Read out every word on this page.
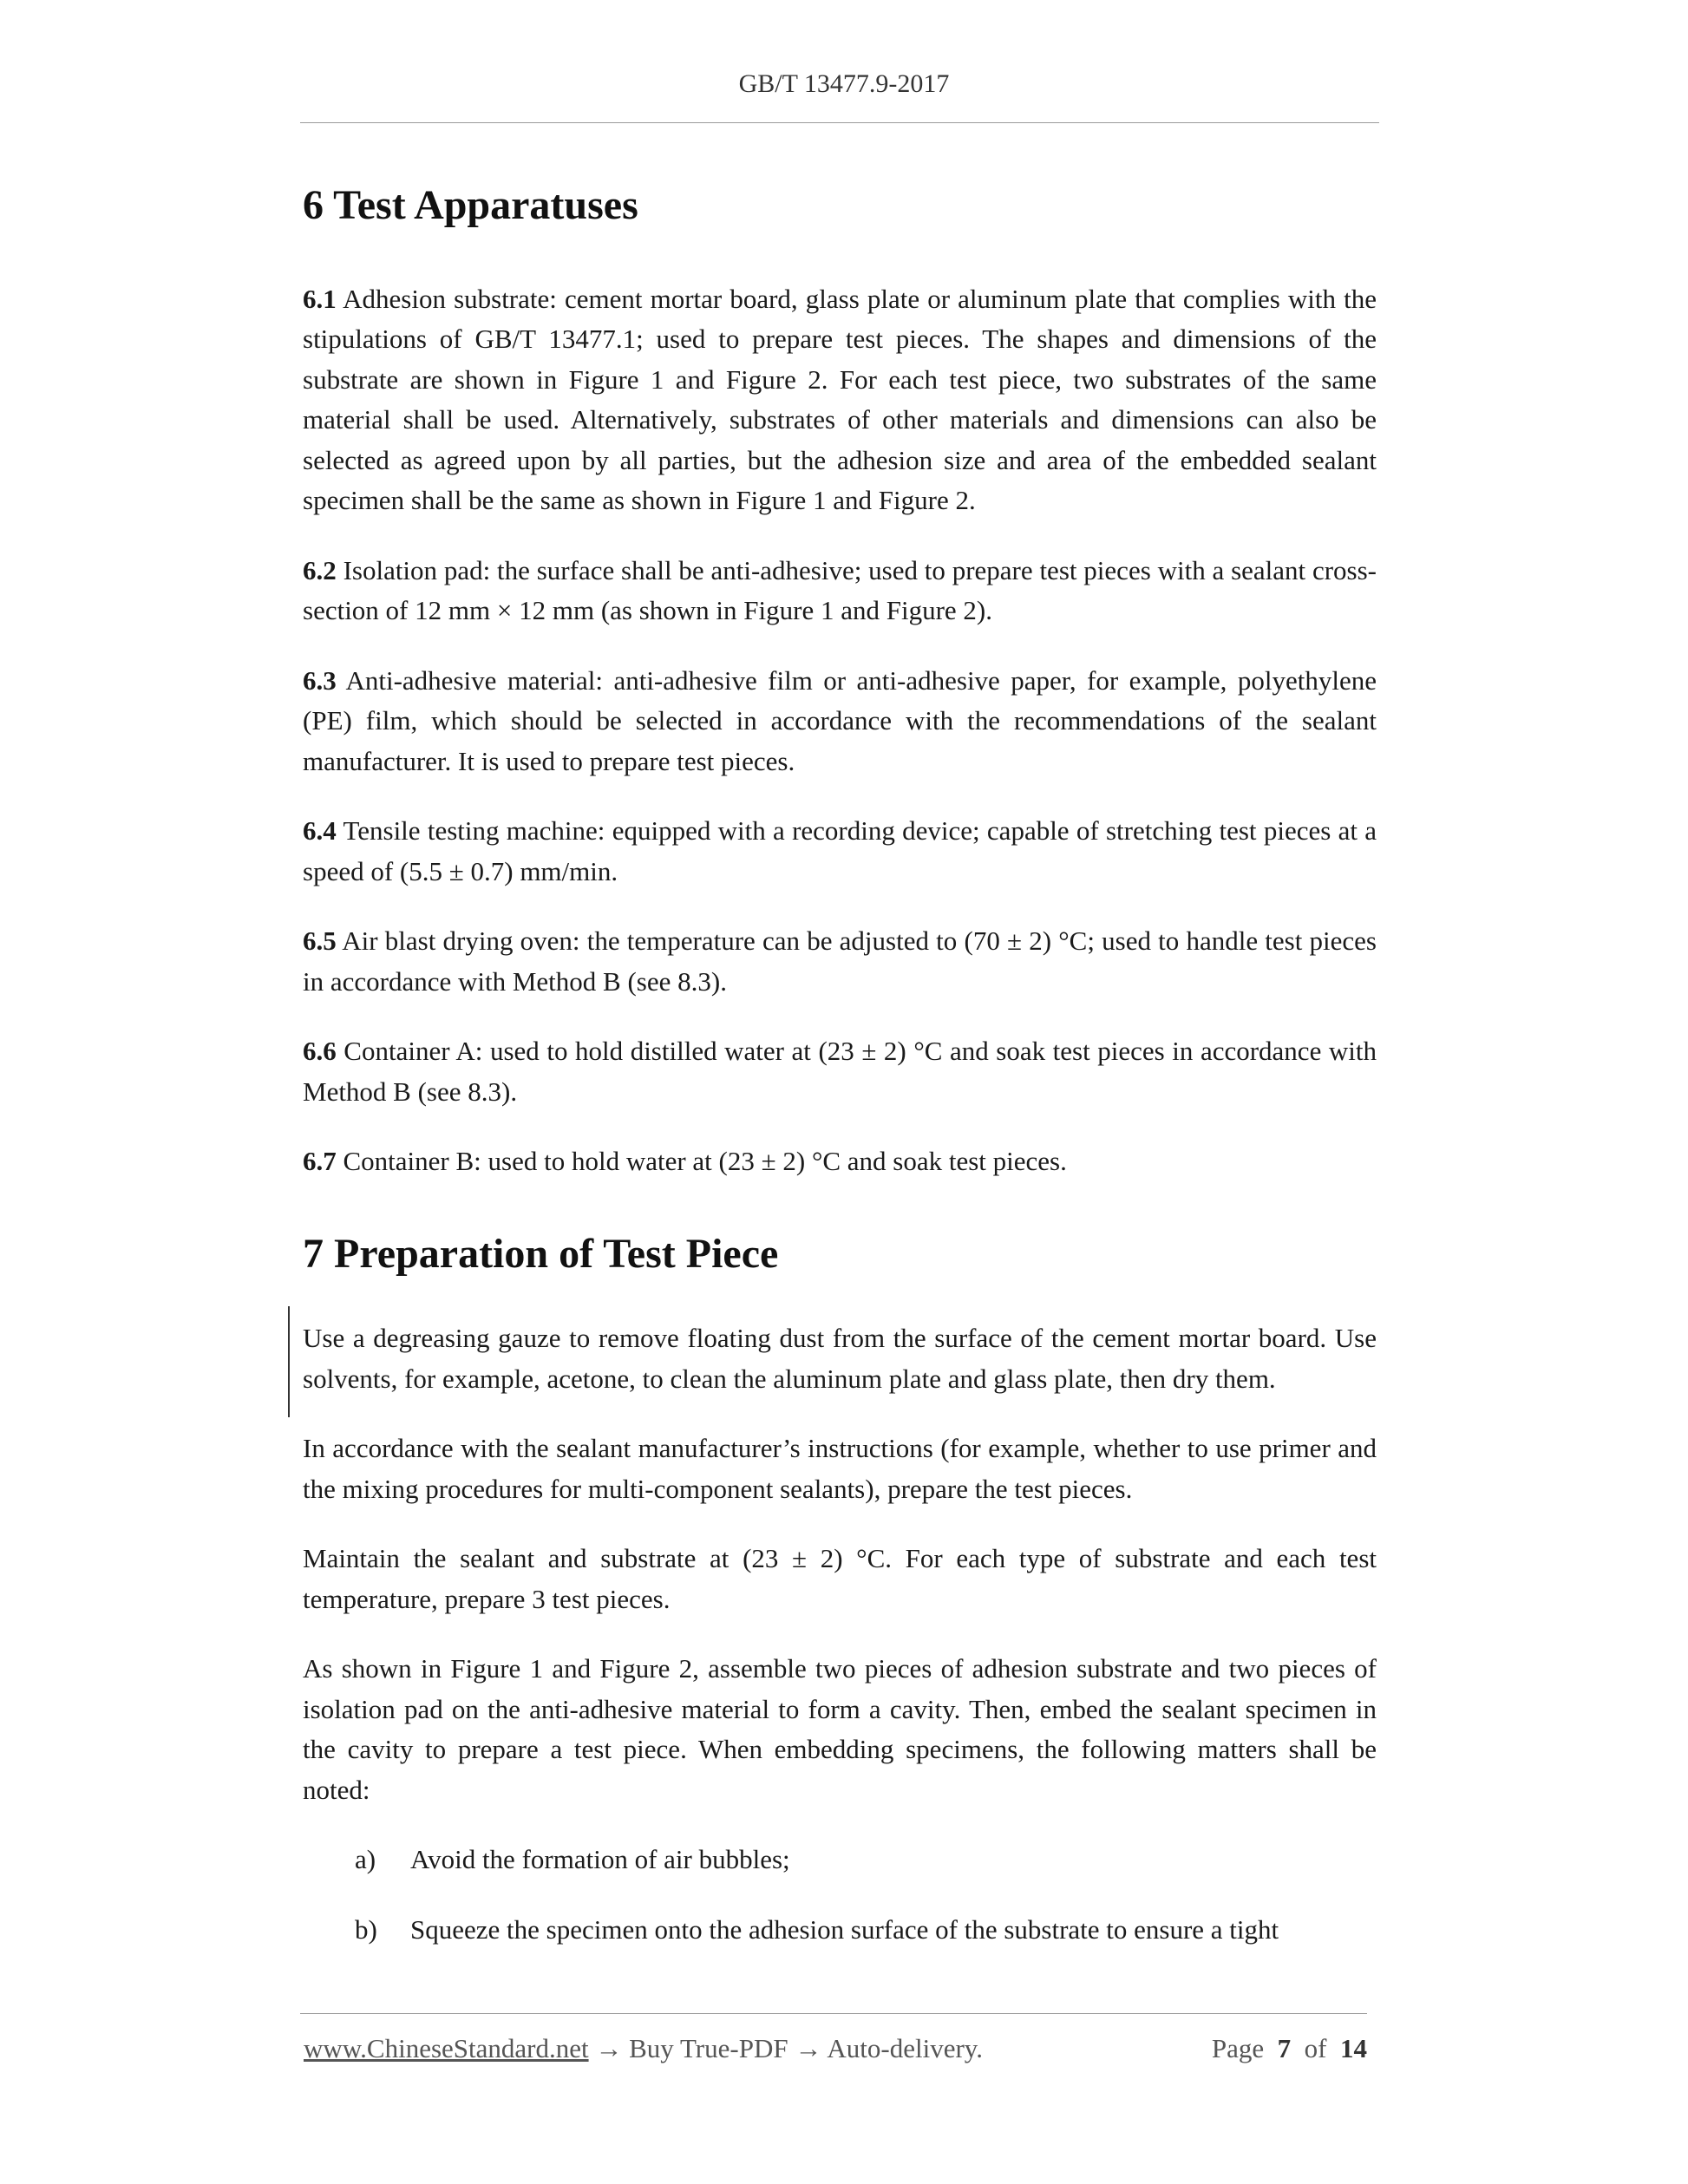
GB/T 13477.9-2017
6 Test Apparatuses

6.1 Adhesion substrate: cement mortar board, glass plate or aluminum plate that complies with the stipulations of GB/T 13477.1; used to prepare test pieces. The shapes and dimensions of the substrate are shown in Figure 1 and Figure 2. For each test piece, two substrates of the same material shall be used. Alternatively, substrates of other materials and dimensions can also be selected as agreed upon by all parties, but the adhesion size and area of the embedded sealant specimen shall be the same as shown in Figure 1 and Figure 2.

6.2 Isolation pad: the surface shall be anti-adhesive; used to prepare test pieces with a sealant cross-section of 12 mm × 12 mm (as shown in Figure 1 and Figure 2).

6.3 Anti-adhesive material: anti-adhesive film or anti-adhesive paper, for example, polyethylene (PE) film, which should be selected in accordance with the recommendations of the sealant manufacturer. It is used to prepare test pieces.

6.4 Tensile testing machine: equipped with a recording device; capable of stretching test pieces at a speed of (5.5 ± 0.7) mm/min.

6.5 Air blast drying oven: the temperature can be adjusted to (70 ± 2) °C; used to handle test pieces in accordance with Method B (see 8.3).

6.6 Container A: used to hold distilled water at (23 ± 2) °C and soak test pieces in accordance with Method B (see 8.3).

6.7 Container B: used to hold water at (23 ± 2) °C and soak test pieces.

7 Preparation of Test Piece

Use a degreasing gauze to remove floating dust from the surface of the cement mortar board. Use solvents, for example, acetone, to clean the aluminum plate and glass plate, then dry them.

In accordance with the sealant manufacturer’s instructions (for example, whether to use primer and the mixing procedures for multi-component sealants), prepare the test pieces.

Maintain the sealant and substrate at (23 ± 2) °C. For each type of substrate and each test temperature, prepare 3 test pieces.

As shown in Figure 1 and Figure 2, assemble two pieces of adhesion substrate and two pieces of isolation pad on the anti-adhesive material to form a cavity. Then, embed the sealant specimen in the cavity to prepare a test piece. When embedding specimens, the following matters shall be noted:

a)	Avoid the formation of air bubbles;
b)	Squeeze the specimen onto the adhesion surface of the substrate to ensure a tight
www.ChineseStandard.net → Buy True-PDF → Auto-delivery.	Page 7 of 14
